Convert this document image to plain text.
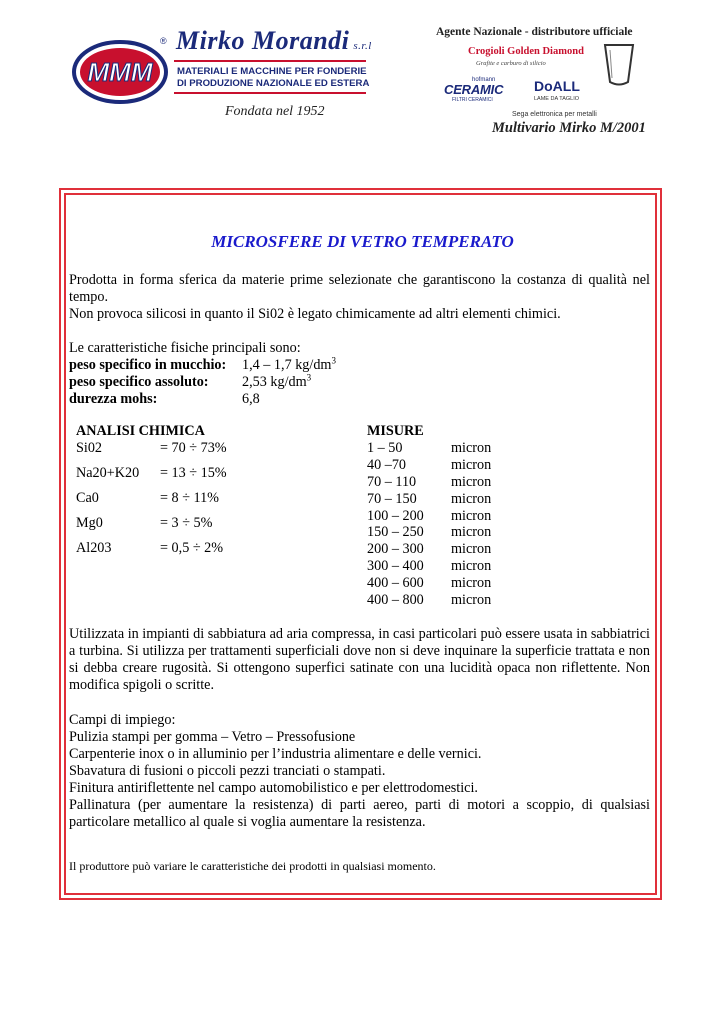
MMM
® Mirko Morandi s.r.l
MATERIALI E MACCHINE PER FONDERIE
DI PRODUZIONE NAZIONALE ED ESTERA
Fondata nel 1952
Agente Nazionale - distributore ufficiale
Crogioli Golden Diamond
Grafite e carburo di silicio
hofmann
CERAMIC
FILTRI CERAMICI
DoALL
LAME DA TAGLIO
Sega elettronica per metalli
Multivario Mirko M/2001
MICROSFERE DI VETRO TEMPERATO
Prodotta in forma sferica da materie prime selezionate che garantiscono la costanza di qualità nel tempo.
Non provoca silicosi in quanto il Si02 è legato chimicamente ad altri elementi chimici.
Le caratteristiche fisiche principali sono:
peso specifico in mucchio: 1,4 – 1,7 $kg/dm^3$
peso specifico assoluto: 2,53 $kg/dm^3$
durezza mohs:	6,8
ANALISI CHIMICA
Si02	= 70 ÷ 73%
Na20+K20 = 13 ÷ 15%
Ca0	= 8 ÷ 11%
Mg0	= 3 ÷ 5%
Al203	= 0,5 ÷ 2%
MISURE
1 – 50	micron
40 –70	micron
70 – 110 micron
70 – 150 micron
100 – 200 micron
150 – 250 micron
200 – 300 micron
300 – 400 micron
400 – 600 micron
400 – 800 micron
Utilizzata in impianti di sabbiatura ad aria compressa, in casi particolari può essere usata in sabbiatrici a turbina. Si utilizza per trattamenti superficiali dove non si deve inquinare la superficie trattata e non si debba creare rugosità. Si ottengono superfici satinate con una lucidità opaca non riflettente. Non modifica spigoli o scritte.
Campi di impiego:
Pulizia stampi per gomma – Vetro – Pressofusione
Carpenterie inox o in alluminio per l’industria alimentare e delle vernici.
Sbavatura di fusioni o piccoli pezzi tranciati o stampati.
Finitura antiriflettente nel campo automobilistico e per elettrodomestici.
Pallinatura (per aumentare la resistenza) di parti aereo, parti di motori a scoppio, di qualsiasi particolare metallico al quale si voglia aumentare la resistenza.
Il produttore può variare le caratteristiche dei prodotti in qualsiasi momento.
